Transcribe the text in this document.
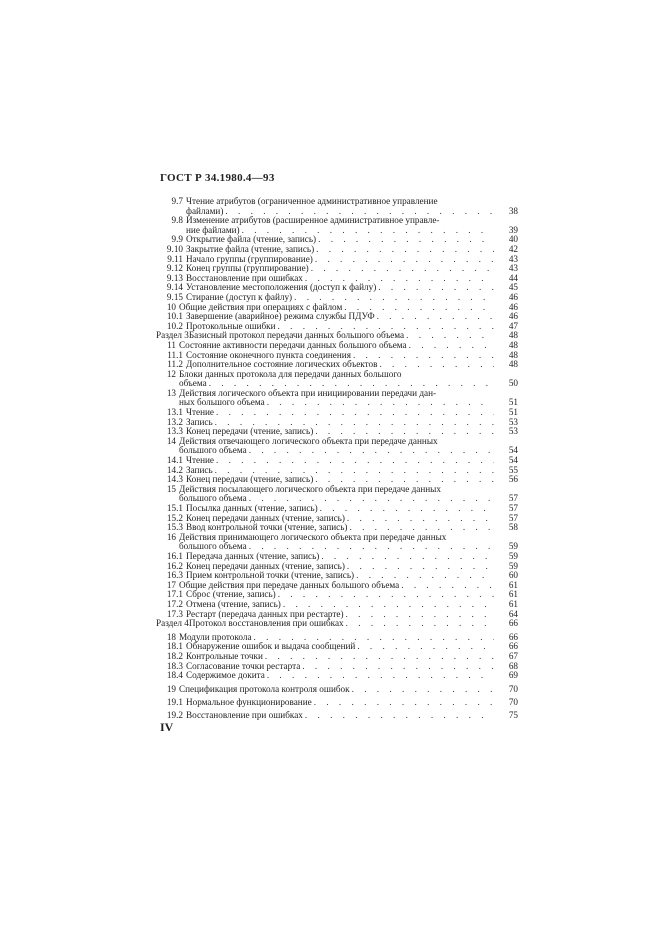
ГОСТ Р 34.1980.4—93
9.7 Чтение атрибутов (ограниченное административное управление
файлами) . . .	38
9.8 Изменение атрибутов (расширенное административное управле-
ние файлами) . . .	39
9.9 Открытие файла (чтение, запись) . . .	40
9.10 Закрытие файла (чтение, запись) . . .	42
9.11 Начало группы (группирование) . . .	43
9.12 Конец группы (группирование) . . .	43
9.13 Восстановление при ошибках . . .	44
9.14 Установление местоположения (доступ к файлу) . . .	45
9.15 Стирание (доступ к файлу) . . .	46
10 Общие действия при операциях с файлом . . .	46
10.1 Завершение (аварийное) режима службы ПДУФ . . .	46
10.2 Протокольные ошибки . . .	47
Раздел 3 Базисный протокол передачи данных большого объема . . .	48
11 Состояние активности передачи данных большого объема . . .	48
11.1 Состояние оконечного пункта соединения . . .	48
11.2 Дополнительное состояние логических объектов . . .	48
12 Блоки данных протокола для передачи данных большого
объема . . .	50
13 Действия логического объекта при инициировании передачи дан-
ных большого объема . . .	51
13.1 Чтение . . .	51
13.2 Запись . . .	53
13.3 Конец передачи (чтение, запись) . . .	53
14 Действия отвечающего логического объекта при передаче данных
большого объема . . .	54
14.1 Чтение . . .	54
14.2 Запись . . .	55
14.3 Конец передачи (чтение, запись) . . .	56
15 Действия посылающего логического объекта при передаче данных
большого объема . . .	57
15.1 Посылка данных (чтение, запись) . . .	57
15.2 Конец передачи данных (чтение, запись) . . .	57
15.3 Ввод контрольной точки (чтение, запись) . . .	58
16 Действия принимающего логического объекта при передаче данных
большого объема . . .	59
16.1 Передача данных (чтение, запись) . . .	59
16.2 Конец передачи данных (чтение, запись) . . .	59
16.3 Прием контрольной точки (чтение, запись) . . .	60
17 Общие действия при передаче данных большого объема . . .	61
17.1 Сброс (чтение, запись) . . .	61
17.2 Отмена (чтение, запись) . . .	61
17.3 Рестарт (передача данных при рестарте) . . .	64
Раздел 4 Протокол восстановления при ошибках . . .	66
18 Модули протокола . . .	66
18.1 Обнаружение ошибок и выдача сообщений . . .	66
18.2 Контрольные точки . . .	67
18.3 Согласование точки рестарта . . .	68
18.4 Содержимое докита . . .	69
19 Спецификация протокола контроля ошибок . . .	70
19.1 Нормальное функционирование . . .	70
19.2 Восстановление при ошибках . . .	75
IV
